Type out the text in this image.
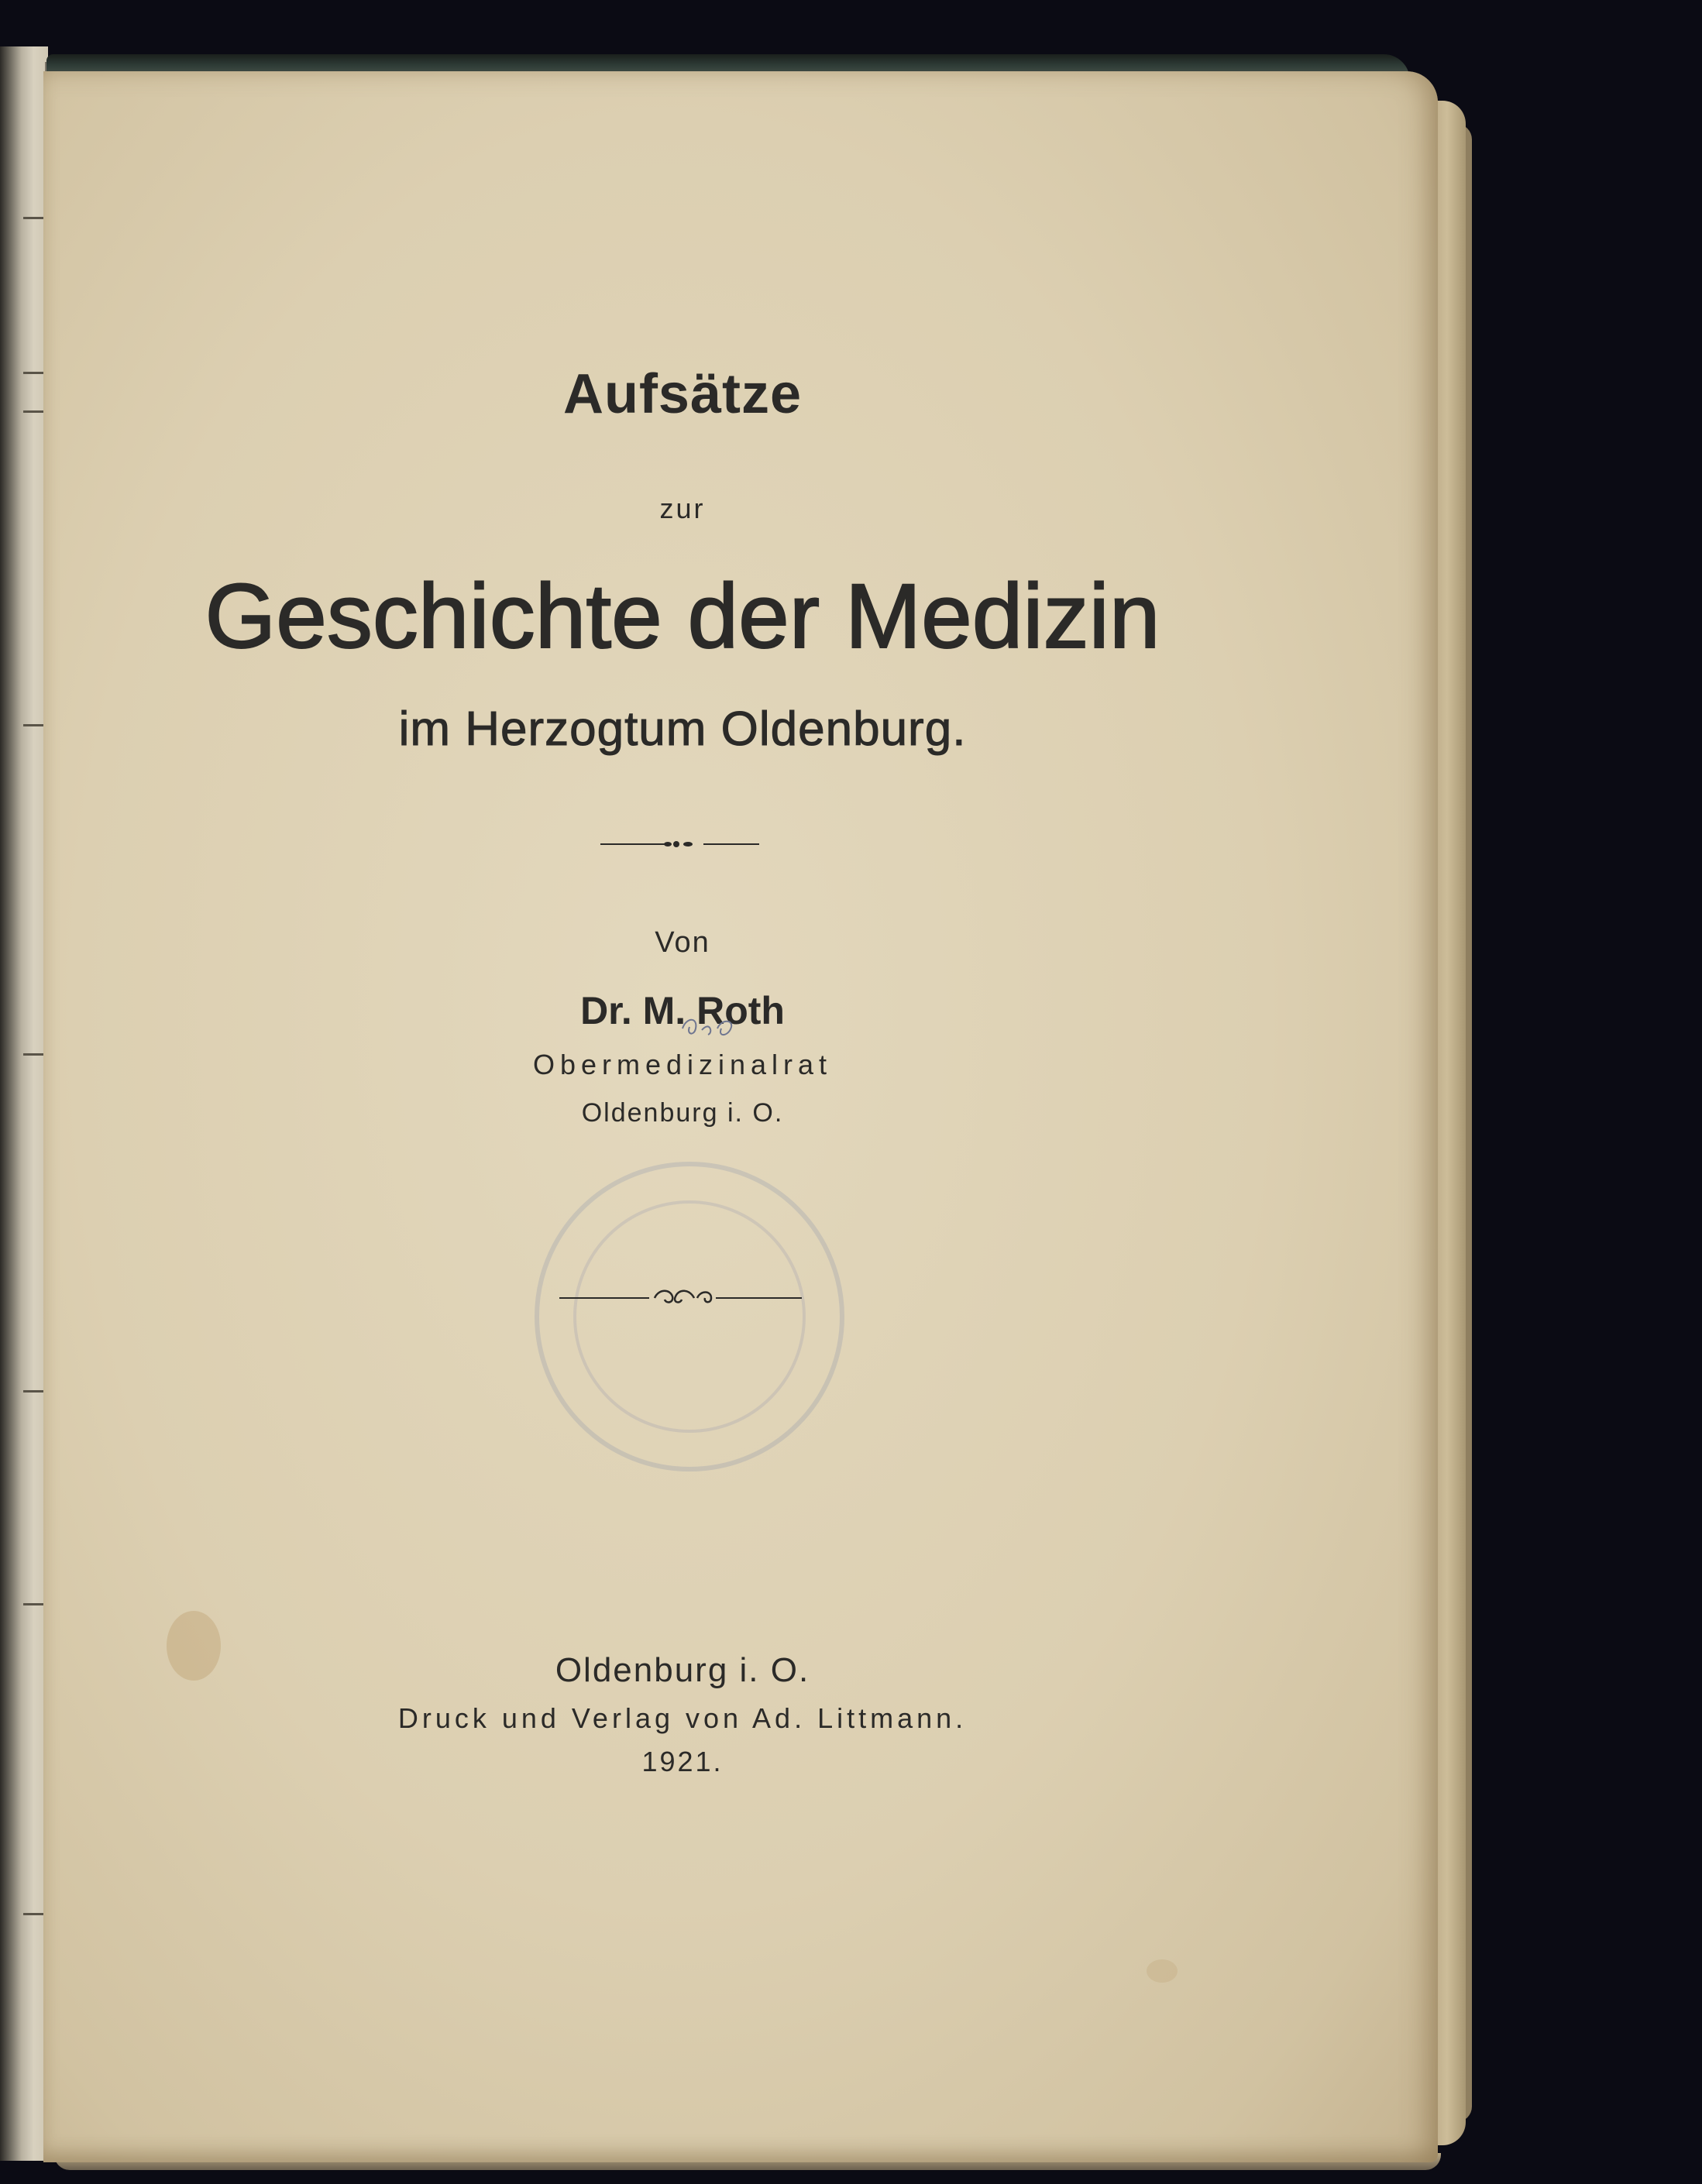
Aufsätze
zur
Geschichte der Medizin
im Herzogtum Oldenburg.
Von
Dr. M. Roth
Obermedizinalrat
Oldenburg i. O.
Oldenburg i. O.
Druck und Verlag von Ad. Littmann.
1921.
